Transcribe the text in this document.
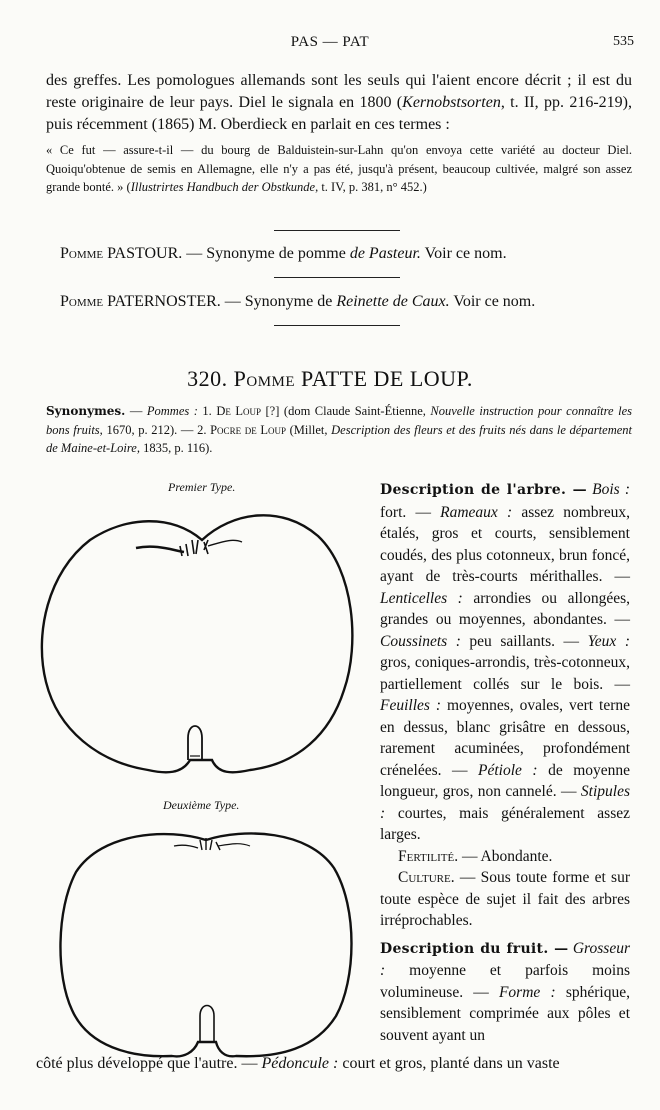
PAS — PAT	535
des greffes. Les pomologues allemands sont les seuls qui l'aient encore décrit ; il est du reste originaire de leur pays. Diel le signala en 1800 (Kernobstsorten, t. II, pp. 216-219), puis récemment (1865) M. Oberdieck en parlait en ces termes :
« Ce fut — assure-t-il — du bourg de Balduistein-sur-Lahn qu'on envoya cette variété au docteur Diel. Quoiqu'obtenue de semis en Allemagne, elle n'y a pas été, jusqu'à présent, beaucoup cultivée, malgré son assez grande bonté. » (Illustrirtes Handbuch der Obstkunde, t. IV, p. 381, n° 452.)
Pomme PASTOUR. — Synonyme de pomme de Pasteur. Voir ce nom.
Pomme PATERNOSTER. — Synonyme de Reinette de Caux. Voir ce nom.
320. Pomme PATTE DE LOUP.
Synonymes. — Pommes : 1. De Loup [?] (dom Claude Saint-Étienne, Nouvelle instruction pour connaître les bons fruits, 1670, p. 212). — 2. Pocre de Loup (Millet, Description des fleurs et des fruits nés dans le département de Maine-et-Loire, 1835, p. 116).
Premier Type.
Deuxième Type.

Description de l'arbre. — Bois : fort. — Rameaux : assez nombreux, étalés, gros et courts, sensiblement coudés, des plus cotonneux, brun foncé, ayant de très-courts mérithalles. — Lenticelles : arrondies ou allongées, grandes ou moyennes, abondantes. — Coussinets : peu saillants. — Yeux : gros, coniques-arrondis, très-cotonneux, partiellement collés sur le bois. — Feuilles : moyennes, ovales, vert terne en dessus, blanc grisâtre en dessous, rarement acuminées, profondément crénelées. — Pétiole : de moyenne longueur, gros, non cannelé. — Stipules : courtes, mais généralement assez larges.

Fertilité. — Abondante.

Culture. — Sous toute forme et sur toute espèce de sujet il fait des arbres irréprochables.

Description du fruit. — Grosseur : moyenne et parfois moins volumineuse. — Forme : sphérique, sensiblement comprimée aux pôles et souvent ayant un

côté plus développé que l'autre. — Pédoncule : court et gros, planté dans un vaste
